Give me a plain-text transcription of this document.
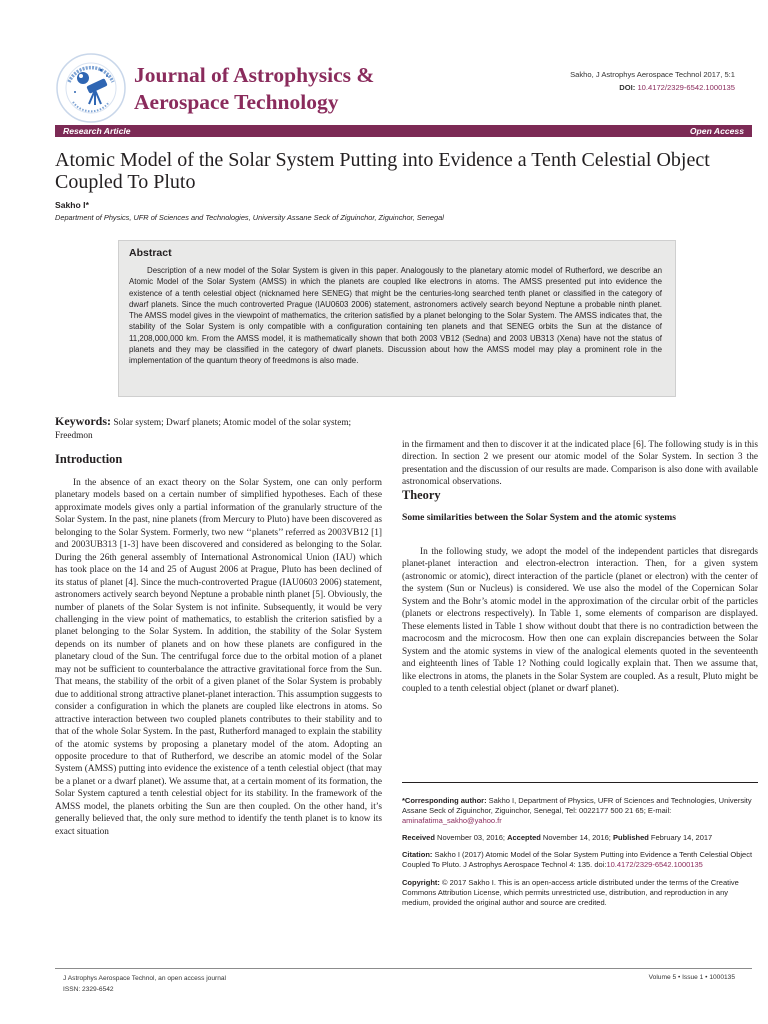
Journal of Astrophysics &
Aerospace Technology
Sakho, J Astrophys Aerospace Technol 2017, 5:1
DOI: 10.4172/2329-6542.1000135
Research Article	Open Access
Atomic Model of the Solar System Putting into Evidence a Tenth Celestial Object Coupled To Pluto
Sakho I*
Department of Physics, UFR of Sciences and Technologies, University Assane Seck of Ziguinchor, Ziguinchor, Senegal
Abstract
Description of a new model of the Solar System is given in this paper. Analogously to the planetary atomic model of Rutherford, we describe an Atomic Model of the Solar System (AMSS) in which the planets are coupled like electrons in atoms. The AMSS presented put into evidence the existence of a tenth celestial object (nicknamed here SENEG) that might be the centuries-long searched tenth planet or classified in the category of dwarf planets. Since the much controverted Prague (IAU0603 2006) statement, astronomers actively search beyond Neptune a probable ninth planet. The AMSS model gives in the viewpoint of mathematics, the criterion satisfied by a planet belonging to the Solar System. The AMSS indicates that, the stability of the Solar System is only compatible with a configuration containing ten planets and that SENEG orbits the Sun at the distance of 11,208,000,000 km. From the AMSS model, it is mathematically shown that both 2003 VB12 (Sedna) and 2003 UB313 (Xena) have not the status of planets and they may be classified in the category of dwarf planets. Discussion about how the AMSS model may play a prominent role in the implementation of the quantum theory of freedmons is also made.
Keywords: Solar system; Dwarf planets; Atomic model of the solar system; Freedmon
Introduction

In the absence of an exact theory on the Solar System, one can only perform planetary models based on a certain number of simplified hypotheses. Each of these approximate models gives only a partial information of the granularly structure of the Solar System. In the past, nine planets (from Mercury to Pluto) have been discovered as belonging to the Solar System. Formerly, two new ‘‘planets’’ referred as 2003VB12 [1] and 2003UB313 [1-3] have been discovered and considered as belonging to the Solar. During the 26th general assembly of International Astronomical Union (IAU) which has took place on the 14 and 25 of August 2006 at Prague, Pluto has been declined of its status of planet [4]. Since the much-controverted Prague (IAU0603 2006) statement, astronomers actively search beyond Neptune a probable ninth planet [5]. Obviously, the number of planets of the Solar System is not infinite. Subsequently, it would be very challenging in the view point of mathematics, to establish the criterion satisfied by a planet belonging to the Solar System. In addition, the stability of the Solar System depends on its number of planets and on how these planets are configured in the planetary cloud of the Sun. The centrifugal force due to the orbital motion of a planet may not be sufficient to counterbalance the attractive gravitational force from the Sun. That means, the stability of the orbit of a given planet of the Solar System is probably due to additional strong attractive planet-planet interaction. This assumption suggests to consider a configuration in which the planets are coupled like electrons in atoms. So attractive interaction between two coupled planets contributes to their stability and to that of the whole Solar System. In the past, Rutherford managed to explain the stability of the atomic systems by proposing a planetary model of the atom. Adopting an opposite procedure to that of Rutherford, we describe an atomic model of the Solar System (AMSS) putting into evidence the existence of a tenth celestial object (that may be a planet or a dwarf planet). We assume that, at a certain moment of its formation, the Solar System captured a tenth celestial object for its stability. In the framework of the AMSS model, the planets orbiting the Sun are then coupled. On the other hand, it’s generally believed that, the only sure method to identify the tenth planet is to know its exact situation

in the firmament and then to discover it at the indicated place [6]. The following study is in this direction. In section 2 we present our atomic model of the Solar System. In section 3 the presentation and the discussion of our results are made. Comparison is also done with available astronomical observations.

Theory
Some similarities between the Solar System and the atomic systems

In the following study, we adopt the model of the independent particles that disregards planet-planet interaction and electron-electron interaction. Then, for a given system (astronomic or atomic), direct interaction of the particle (planet or electron) with the center of the system (Sun or Nucleus) is considered. We use also the model of the Copernican Solar System and the Bohr’s atomic model in the approximation of the circular orbit of the particles (planets or electrons respectively). In Table 1, some elements of comparison are displayed. These elements listed in Table 1 show without doubt that there is no contradiction between the macrocosm and the microcosm. How then one can explain discrepancies between the Solar System and the atomic systems in view of the analogical elements quoted in the seventeenth and eighteenth lines of Table 1? Nothing could logically explain that. Then we assume that, like electrons in atoms, the planets in the Solar System are coupled. As a result, Pluto might be coupled to a tenth celestial object (planet or dwarf planet).

*Corresponding author: Sakho I, Department of Physics, UFR of Sciences and Technologies, University Assane Seck of Ziguinchor, Ziguinchor, Senegal, Tel: 0022177 500 21 65; E-mail: aminafatima_sakho@yahoo.fr

Received November 03, 2016; Accepted November 14, 2016; Published February 14, 2017

Citation: Sakho I (2017) Atomic Model of the Solar System Putting into Evidence a Tenth Celestial Object Coupled To Pluto. J Astrophys Aerospace Technol 4: 135. doi:10.4172/2329-6542.1000135

Copyright: © 2017 Sakho I. This is an open-access article distributed under the terms of the Creative Commons Attribution License, which permits unrestricted use, distribution, and reproduction in any medium, provided the original author and source are credited.

J Astrophys Aerospace Technol, an open access journal
ISSN: 2329-6542
Volume 5 • Issue 1 • 1000135
